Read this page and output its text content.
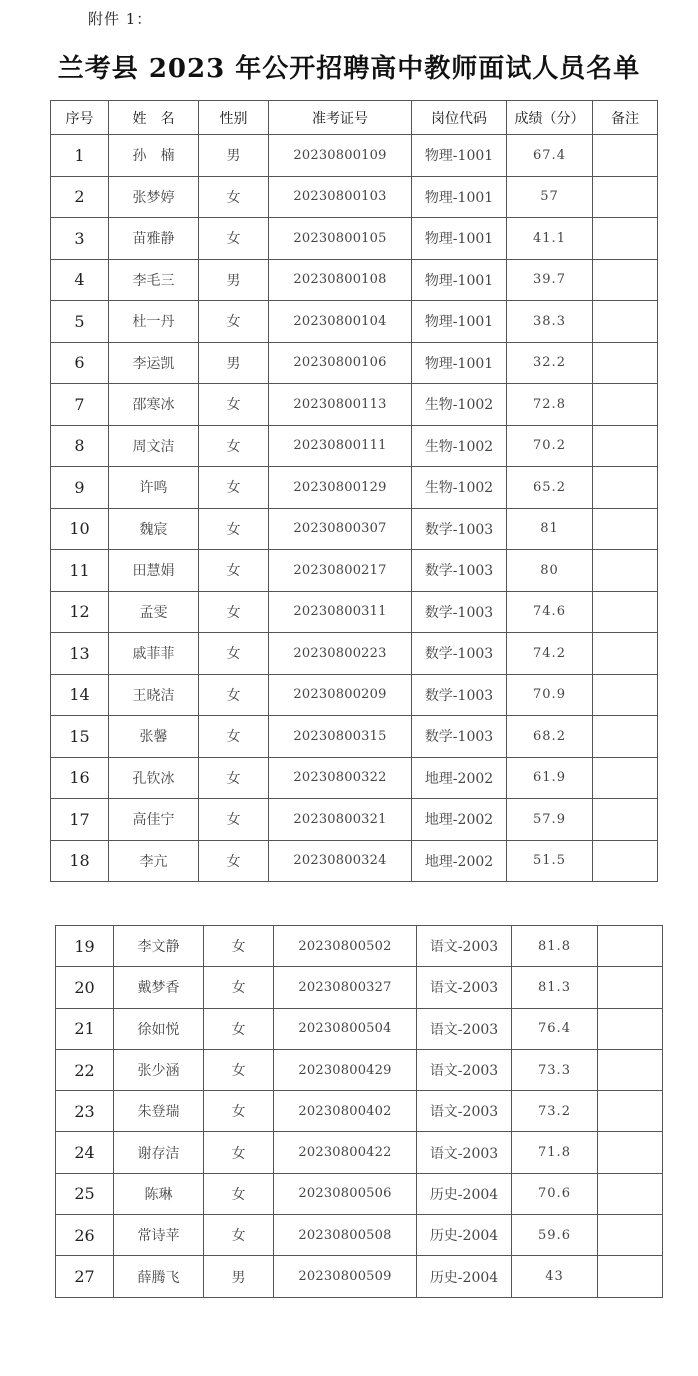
附件 1：
兰考县 2023 年公开招聘高中教师面试人员名单
序号	姓　名	性别	准考证号	岗位代码	成绩（分）	备注
1	孙　楠	男	20230800109	物理-1001	67.4	
2	张梦婷	女	20230800103	物理-1001	57	
3	苗雅静	女	20230800105	物理-1001	41.1	
4	李毛三	男	20230800108	物理-1001	39.7	
5	杜一丹	女	20230800104	物理-1001	38.3	
6	李运凯	男	20230800106	物理-1001	32.2	
7	邵寒冰	女	20230800113	生物-1002	72.8	
8	周文洁	女	20230800111	生物-1002	70.2	
9	许鸣	女	20230800129	生物-1002	65.2	
10	魏宸	女	20230800307	数学-1003	81	
11	田慧娟	女	20230800217	数学-1003	80	
12	孟雯	女	20230800311	数学-1003	74.6	
13	戚菲菲	女	20230800223	数学-1003	74.2	
14	王晓洁	女	20230800209	数学-1003	70.9	
15	张馨	女	20230800315	数学-1003	68.2	
16	孔钦冰	女	20230800322	地理-2002	61.9	
17	高佳宁	女	20230800321	地理-2002	57.9	
18	李亢	女	20230800324	地理-2002	51.5	
19	李文静	女	20230800502	语文-2003	81.8	
20	戴梦香	女	20230800327	语文-2003	81.3	
21	徐如悦	女	20230800504	语文-2003	76.4	
22	张少涵	女	20230800429	语文-2003	73.3	
23	朱登瑞	女	20230800402	语文-2003	73.2	
24	谢存洁	女	20230800422	语文-2003	71.8	
25	陈琳	女	20230800506	历史-2004	70.6	
26	常诗苹	女	20230800508	历史-2004	59.6	
27	薛腾飞	男	20230800509	历史-2004	43	
